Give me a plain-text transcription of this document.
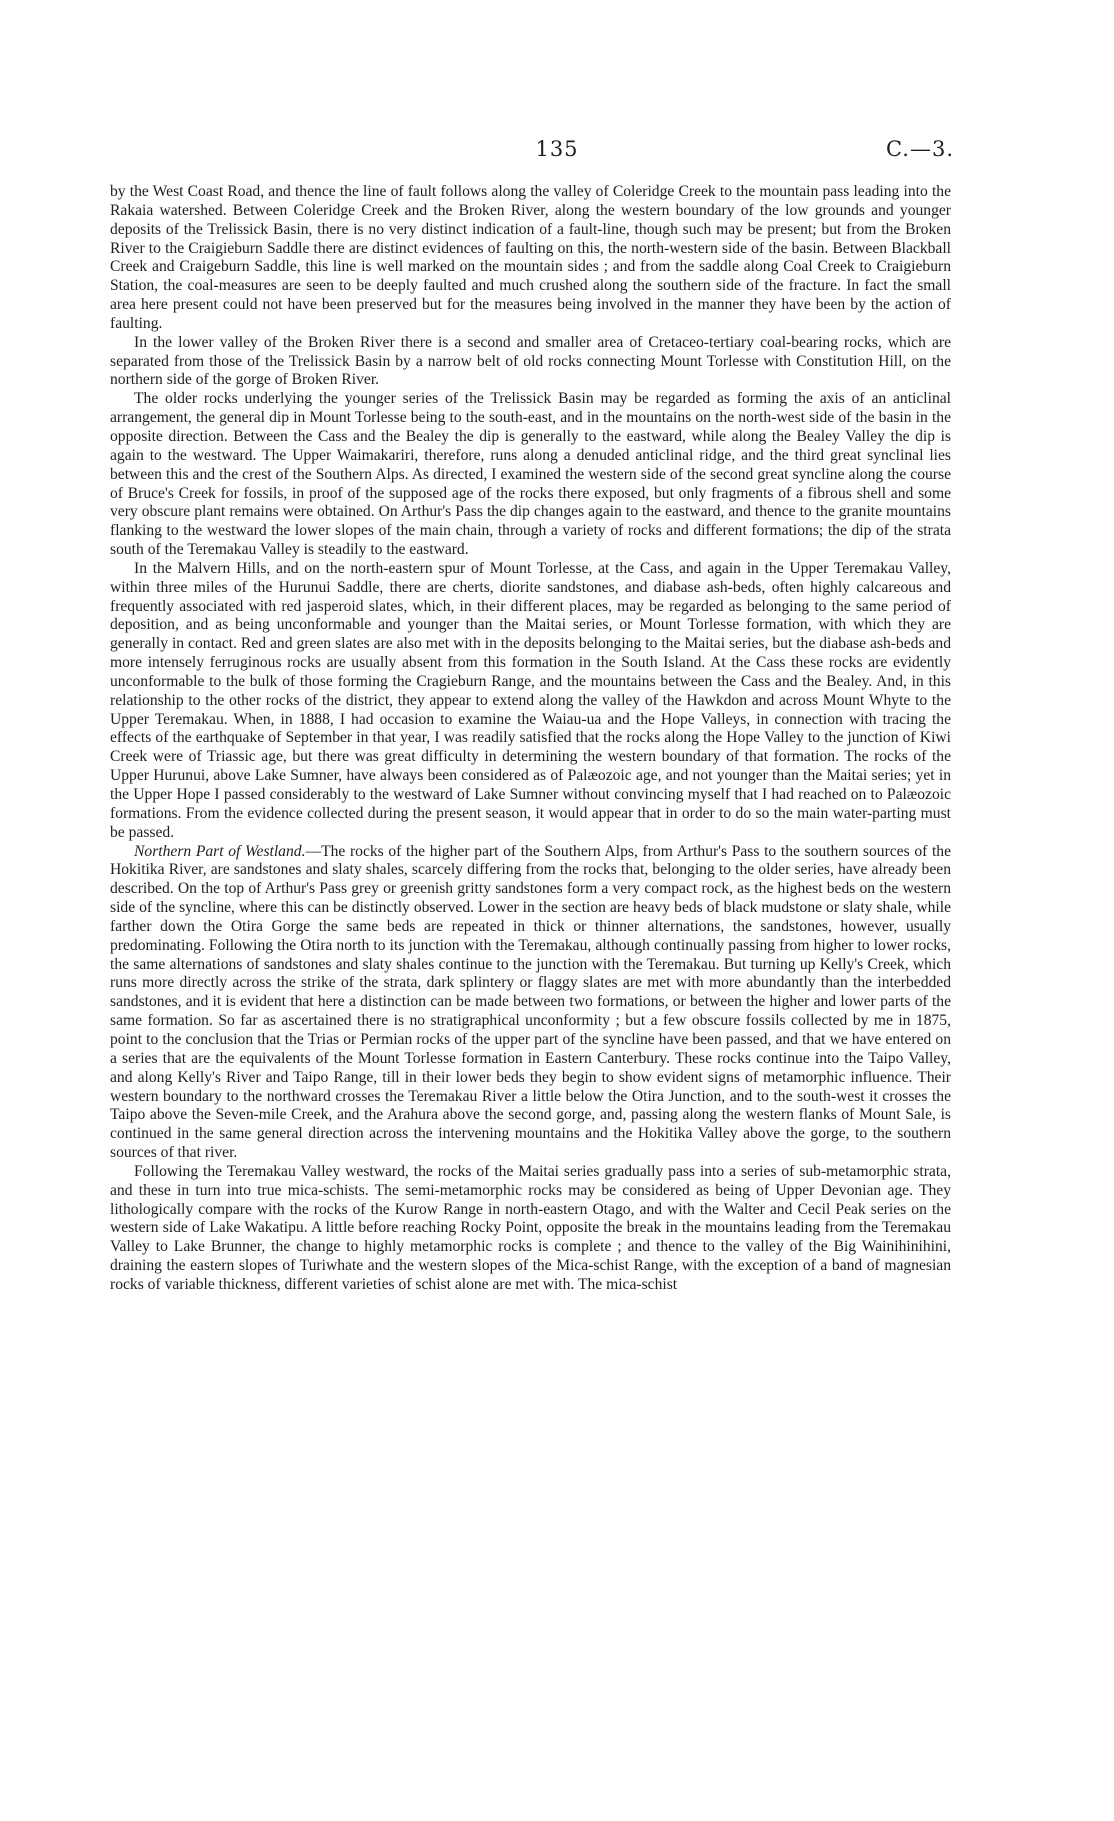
135	C.—3.

by the West Coast Road, and thence the line of fault follows along the valley of Coleridge Creek to the mountain pass leading into the Rakaia watershed. Between Coleridge Creek and the Broken River, along the western boundary of the low grounds and younger deposits of the Trelissick Basin, there is no very distinct indication of a fault-line, though such may be present; but from the Broken River to the Craigieburn Saddle there are distinct evidences of faulting on this, the north-western side of the basin. Between Blackball Creek and Craigeburn Saddle, this line is well marked on the mountain sides ; and from the saddle along Coal Creek to Craigieburn Station, the coal-measures are seen to be deeply faulted and much crushed along the southern side of the fracture. In fact the small area here present could not have been preserved but for the measures being involved in the manner they have been by the action of faulting.

In the lower valley of the Broken River there is a second and smaller area of Cretaceo-tertiary coal-bearing rocks, which are separated from those of the Trelissick Basin by a narrow belt of old rocks connecting Mount Torlesse with Constitution Hill, on the northern side of the gorge of Broken River.

The older rocks underlying the younger series of the Trelissick Basin may be regarded as forming the axis of an anticlinal arrangement, the general dip in Mount Torlesse being to the south-east, and in the mountains on the north-west side of the basin in the opposite direction. Between the Cass and the Bealey the dip is generally to the eastward, while along the Bealey Valley the dip is again to the westward. The Upper Waimakariri, therefore, runs along a denuded anticlinal ridge, and the third great synclinal lies between this and the crest of the Southern Alps. As directed, I examined the western side of the second great syncline along the course of Bruce's Creek for fossils, in proof of the supposed age of the rocks there exposed, but only fragments of a fibrous shell and some very obscure plant remains were obtained. On Arthur's Pass the dip changes again to the eastward, and thence to the granite mountains flanking to the westward the lower slopes of the main chain, through a variety of rocks and different formations; the dip of the strata south of the Teremakau Valley is steadily to the eastward.

In the Malvern Hills, and on the north-eastern spur of Mount Torlesse, at the Cass, and again in the Upper Teremakau Valley, within three miles of the Hurunui Saddle, there are cherts, diorite sandstones, and diabase ash-beds, often highly calcareous and frequently associated with red jasperoid slates, which, in their different places, may be regarded as belonging to the same period of deposition, and as being unconformable and younger than the Maitai series, or Mount Torlesse formation, with which they are generally in contact. Red and green slates are also met with in the deposits belonging to the Maitai series, but the diabase ash-beds and more intensely ferruginous rocks are usually absent from this formation in the South Island. At the Cass these rocks are evidently unconformable to the bulk of those forming the Cragieburn Range, and the mountains between the Cass and the Bealey. And, in this relationship to the other rocks of the district, they appear to extend along the valley of the Hawkdon and across Mount Whyte to the Upper Teremakau. When, in 1888, I had occasion to examine the Waiau-ua and the Hope Valleys, in connection with tracing the effects of the earthquake of September in that year, I was readily satisfied that the rocks along the Hope Valley to the junction of Kiwi Creek were of Triassic age, but there was great difficulty in determining the western boundary of that formation. The rocks of the Upper Hurunui, above Lake Sumner, have always been considered as of Palæozoic age, and not younger than the Maitai series; yet in the Upper Hope I passed considerably to the westward of Lake Sumner without convincing myself that I had reached on to Palæozoic formations. From the evidence collected during the present season, it would appear that in order to do so the main water-parting must be passed.

Northern Part of Westland.—The rocks of the higher part of the Southern Alps, from Arthur's Pass to the southern sources of the Hokitika River, are sandstones and slaty shales, scarcely differing from the rocks that, belonging to the older series, have already been described. On the top of Arthur's Pass grey or greenish gritty sandstones form a very compact rock, as the highest beds on the western side of the syncline, where this can be distinctly observed. Lower in the section are heavy beds of black mudstone or slaty shale, while farther down the Otira Gorge the same beds are repeated in thick or thinner alternations, the sandstones, however, usually predominating. Following the Otira north to its junction with the Teremakau, although continually passing from higher to lower rocks, the same alternations of sandstones and slaty shales continue to the junction with the Teremakau. But turning up Kelly's Creek, which runs more directly across the strike of the strata, dark splintery or flaggy slates are met with more abundantly than the interbedded sandstones, and it is evident that here a distinction can be made between two formations, or between the higher and lower parts of the same formation. So far as ascertained there is no stratigraphical unconformity ; but a few obscure fossils collected by me in 1875, point to the conclusion that the Trias or Permian rocks of the upper part of the syncline have been passed, and that we have entered on a series that are the equivalents of the Mount Torlesse formation in Eastern Canterbury. These rocks continue into the Taipo Valley, and along Kelly's River and Taipo Range, till in their lower beds they begin to show evident signs of metamorphic influence. Their western boundary to the northward crosses the Teremakau River a little below the Otira Junction, and to the south-west it crosses the Taipo above the Seven-mile Creek, and the Arahura above the second gorge, and, passing along the western flanks of Mount Sale, is continued in the same general direction across the intervening mountains and the Hokitika Valley above the gorge, to the southern sources of that river.

Following the Teremakau Valley westward, the rocks of the Maitai series gradually pass into a series of sub-metamorphic strata, and these in turn into true mica-schists. The semi-metamorphic rocks may be considered as being of Upper Devonian age. They lithologically compare with the rocks of the Kurow Range in north-eastern Otago, and with the Walter and Cecil Peak series on the western side of Lake Wakatipu. A little before reaching Rocky Point, opposite the break in the mountains leading from the Teremakau Valley to Lake Brunner, the change to highly metamorphic rocks is complete ; and thence to the valley of the Big Wainihinihini, draining the eastern slopes of Turiwhate and the western slopes of the Mica-schist Range, with the exception of a band of magnesian rocks of variable thickness, different varieties of schist alone are met with. The mica-schist
